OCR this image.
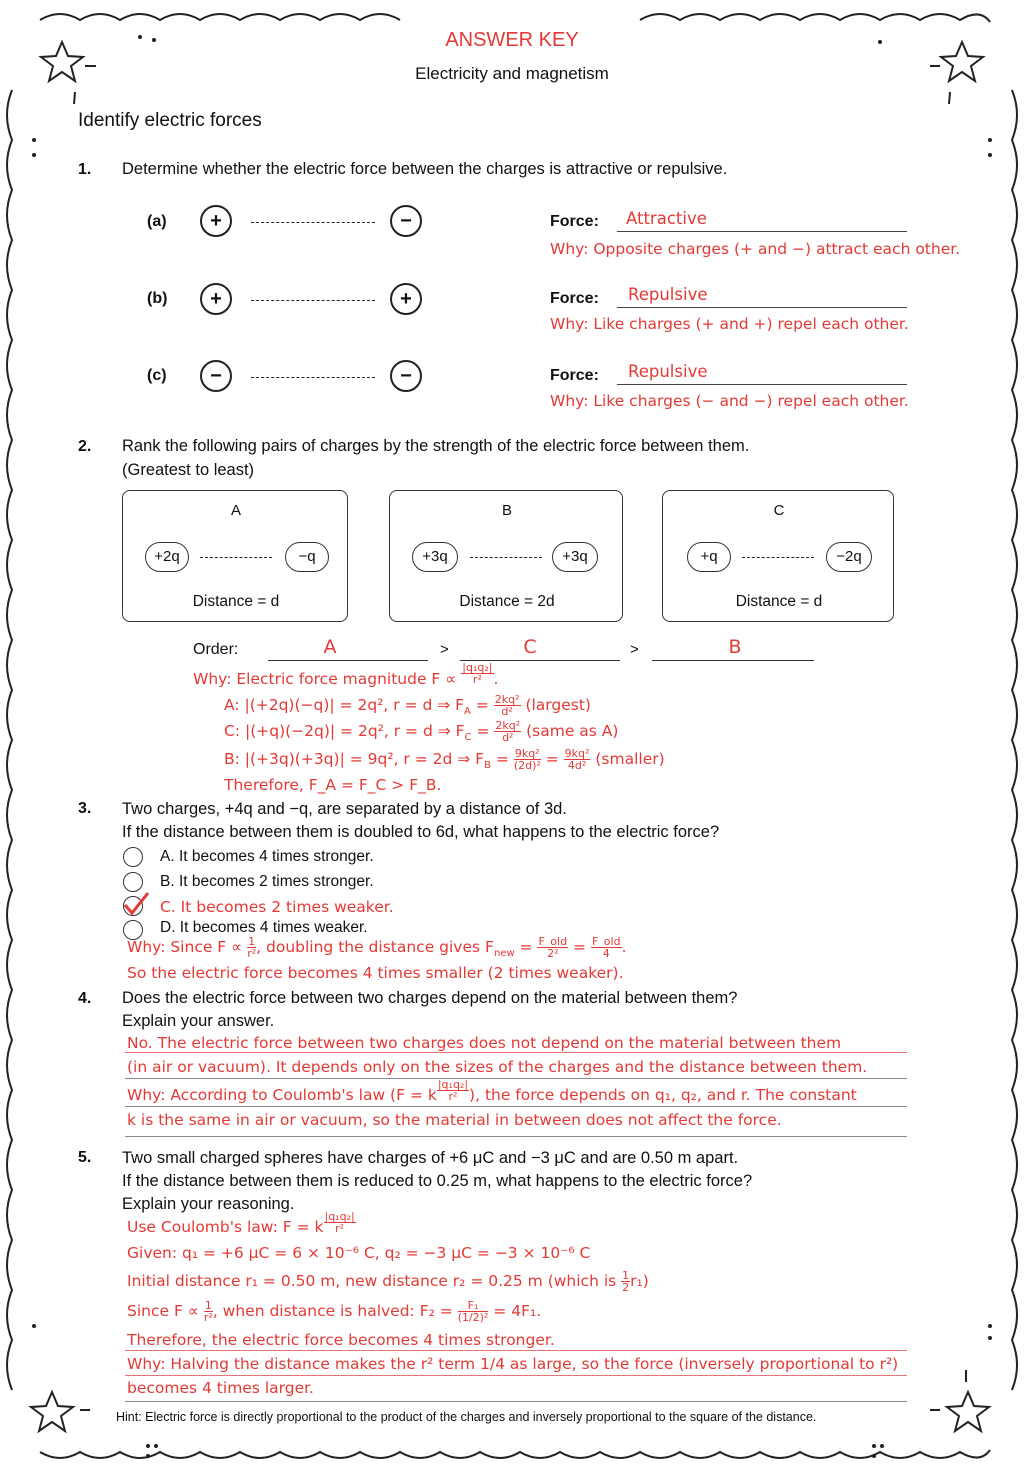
ANSWER KEY
Electricity and magnetism
Identify electric forces
1. Determine whether the electric force between the charges is attractive or repulsive.
(a)	+	−	Force: Attractive
Why: Opposite charges (+ and −) attract each other.
(b)	+	+	Force: Repulsive
Why: Like charges (+ and +) repel each other.
(c)	−	−	Force: Repulsive
Why: Like charges (− and −) repel each other.
2. Rank the following pairs of charges by the strength of the electric force between them.
(Greatest to least)
A
+2q	−q
Distance = d
B
+3q	+3q
Distance = 2d
C
+q	−2q
Distance = d
Order:	A	>	C	>	B
Why: Electric force magnitude $F \propto \frac{\text{|q₁q₂|}}{\text{r²}}$ .
A: |(+2q)(−q)| = 2q², r = d ⇒ $F_A = \frac{\text{2kq²}}{\text{d²}}$ (largest)
C: |(+q)(−2q)| = 2q², r = d ⇒ $F_C = \frac{\text{2kq²}}{\text{d²}}$ (same as A)
B: |(+3q)(+3q)| = 9q², r = 2d ⇒ $F_B = \frac{\text{9kq²}}{\text{(2d)²}} = \frac{\text{9kq²}}{\text{4d²}}$ (smaller)
Therefore, F_A = F_C > F_B.
3. Two charges, +4q and −q, are separated by a distance of 3d.
If the distance between them is doubled to 6d, what happens to the electric force?
A. It becomes 4 times stronger.
B. It becomes 2 times stronger.
C. It becomes 2 times weaker.
D. It becomes 4 times weaker.
Why: Since $F \propto \frac{1}{\text{r²}}$ , doubling the distance gives $F_{new} = \frac{\text{F\_old}}{\text{2²}} = \frac{\text{F\_old}}{4}$ .
So the electric force becomes 4 times smaller (2 times weaker).
4. Does the electric force between two charges depend on the material between them?
Explain your answer.
No. The electric force between two charges does not depend on the material between them
(in air or vacuum). It depends only on the sizes of the charges and the distance between them.
Why: According to Coulomb's law (F = k $\frac{\text{|q₁q₂|}}{\text{r²}}$ ), the force depends on q₁, q₂, and r. The constant
k is the same in air or vacuum, so the material in between does not affect the force.
5. Two small charged spheres have charges of +6 μC and −3 μC and are 0.50 m apart.
If the distance between them is reduced to 0.25 m, what happens to the electric force?
Explain your reasoning.
Use Coulomb's law: F = k $\frac{\text{|q₁q₂|}}{\text{r²}}$
Given: q₁ = +6 μC = 6 × 10⁻⁶ C, q₂ = −3 μC = −3 × 10⁻⁶ C
Initial distance r₁ = 0.50 m, new distance r₂ = 0.25 m (which is $\frac{1}{2} r_1$)
Since $F \propto \frac{1}{\text{r²}}$ , when distance is halved: $F_2 = \frac{\text{F₁}}{\text{(1/2)²}} = 4F_1$.
Therefore, the electric force becomes 4 times stronger.
Why: Halving the distance makes the r² term 1/4 as large, so the force (inversely proportional to r²)
becomes 4 times larger.
Hint: Electric force is directly proportional to the product of the charges and inversely proportional to the square of the distance.
